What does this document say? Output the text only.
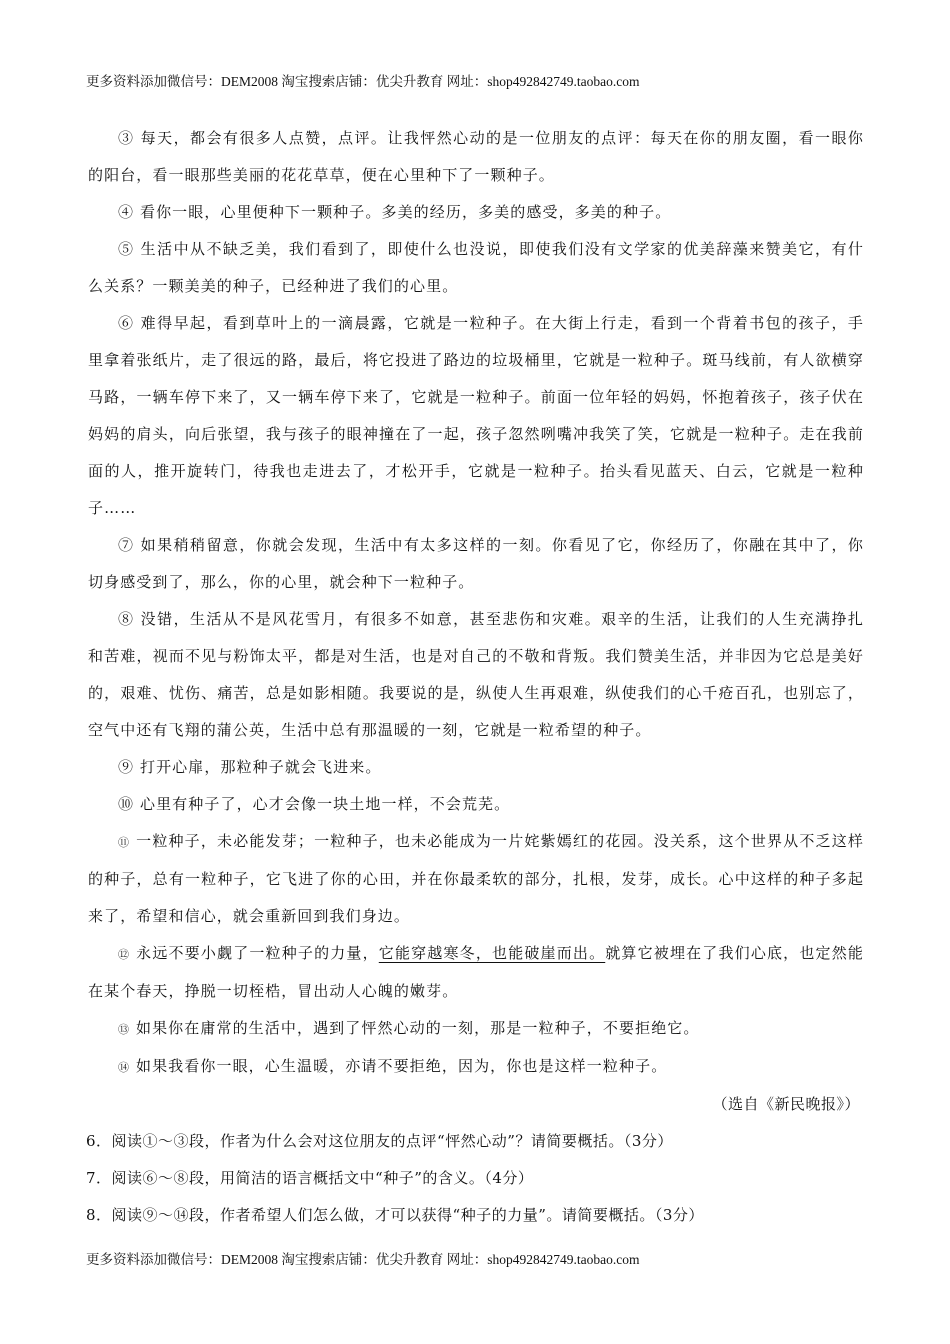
更多资料添加微信号：DEM2008 淘宝搜索店铺：优尖升教育 网址：shop492842749.taobao.com

③ 每天，都会有很多人点赞，点评。让我怦然心动的是一位朋友的点评：每天在你的朋友圈，看一眼你的阳台，看一眼那些美丽的花花草草，便在心里种下了一颗种子。

④ 看你一眼，心里便种下一颗种子。多美的经历，多美的感受，多美的种子。

⑤ 生活中从不缺乏美，我们看到了，即使什么也没说，即使我们没有文学家的优美辞藻来赞美它，有什么关系？一颗美美的种子，已经种进了我们的心里。

⑥ 难得早起，看到草叶上的一滴晨露，它就是一粒种子。在大街上行走，看到一个背着书包的孩子，手里拿着张纸片，走了很远的路，最后，将它投进了路边的垃圾桶里，它就是一粒种子。斑马线前，有人欲横穿马路，一辆车停下来了，又一辆车停下来了，它就是一粒种子。前面一位年轻的妈妈，怀抱着孩子，孩子伏在妈妈的肩头，向后张望，我与孩子的眼神撞在了一起，孩子忽然咧嘴冲我笑了笑，它就是一粒种子。走在我前面的人，推开旋转门，待我也走进去了，才松开手，它就是一粒种子。抬头看见蓝天、白云，它就是一粒种子……

⑦ 如果稍稍留意，你就会发现，生活中有太多这样的一刻。你看见了它，你经历了，你融在其中了，你切身感受到了，那么，你的心里，就会种下一粒种子。

⑧ 没错，生活从不是风花雪月，有很多不如意，甚至悲伤和灾难。艰辛的生活，让我们的人生充满挣扎和苦难，视而不见与粉饰太平，都是对生活，也是对自己的不敬和背叛。我们赞美生活，并非因为它总是美好的，艰难、忧伤、痛苦，总是如影相随。我要说的是，纵使人生再艰难，纵使我们的心千疮百孔，也别忘了，空气中还有飞翔的蒲公英，生活中总有那温暖的一刻，它就是一粒希望的种子。

⑨ 打开心扉，那粒种子就会飞进来。

⑩ 心里有种子了，心才会像一块土地一样，不会荒芜。

⑪ 一粒种子，未必能发芽；一粒种子，也未必能成为一片姹紫嫣红的花园。没关系，这个世界从不乏这样的种子，总有一粒种子，它飞进了你的心田，并在你最柔软的部分，扎根，发芽，成长。心中这样的种子多起来了，希望和信心，就会重新回到我们身边。

⑫ 永远不要小觑了一粒种子的力量，它能穿越寒冬，也能破崖而出。就算它被埋在了我们心底，也定然能在某个春天，挣脱一切桎梏，冒出动人心魄的嫩芽。

⑬ 如果你在庸常的生活中，遇到了怦然心动的一刻，那是一粒种子，不要拒绝它。

⑭ 如果我看你一眼，心生温暖，亦请不要拒绝，因为，你也是这样一粒种子。

（选自《新民晚报》）

6．阅读①～③段，作者为什么会对这位朋友的点评“怦然心动”？请简要概括。（3分）

7．阅读⑥～⑧段，用简洁的语言概括文中“种子”的含义。（4分）

8．阅读⑨～⑭段，作者希望人们怎么做，才可以获得“种子的力量”。请简要概括。（3分）

更多资料添加微信号：DEM2008 淘宝搜索店铺：优尖升教育 网址：shop492842749.taobao.com
